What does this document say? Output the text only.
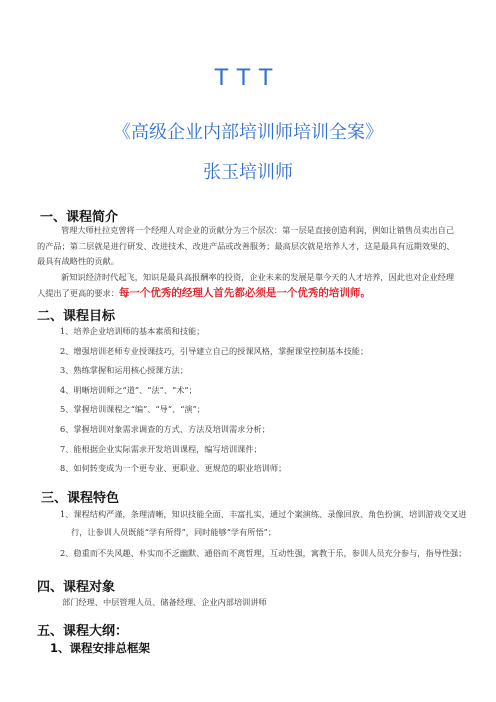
TTT
《高级企业内部培训师培训全案》
张玉培训师
一、课程简介
管理大师杜拉克曾将一个经理人对企业的贡献分为三个层次：第一层是直接创造利润，例如让销售员卖出自己的产品；第二层就是进行研发、改进技术、改进产品或改善服务；最高层次就是培养人才，这是最具有远期效果的、最具有战略性的贡献。
新知识经济时代起飞，知识是最具高报酬率的投资，企业未来的发展是靠今天的人才培养，因此也对企业经理人提出了更高的要求：每一个优秀的经理人首先都必须是一个优秀的培训师。
二、课程目标
1、培养企业培训师的基本素质和技能；
2、增强培训老师专业授课技巧，引导建立自己的授课风格，掌握课堂控制基本技能；
3、熟练掌握和运用核心授课方法；
4、明晰培训师之“道”、“法”、“术”；
5、掌握培训课程之“编”、“导”、“演”；
6、掌握培训对象需求调查的方式、方法及培训需求分析；
7、能根据企业实际需求开发培训课程，编写培训课件；
8、如何转变成为一个更专业、更职业、更规范的职业培训师；
三、课程特色
1、课程结构严谨，条理清晰，知识技能全面、丰富扎实，通过个案演练、录像回放、角色扮演、培训游戏交叉进行，让参训人员既能“学有所得”，同时能够“学有所悟”；
2、稳重而不失风趣、朴实而不乏幽默、通俗而不离哲理，互动性强，寓教于乐，参训人员充分参与，指导性强；
四、课程对象
部门经理、中层管理人员、储备经理、企业内部培训讲师
五、课程大纲：
1、课程安排总框架
